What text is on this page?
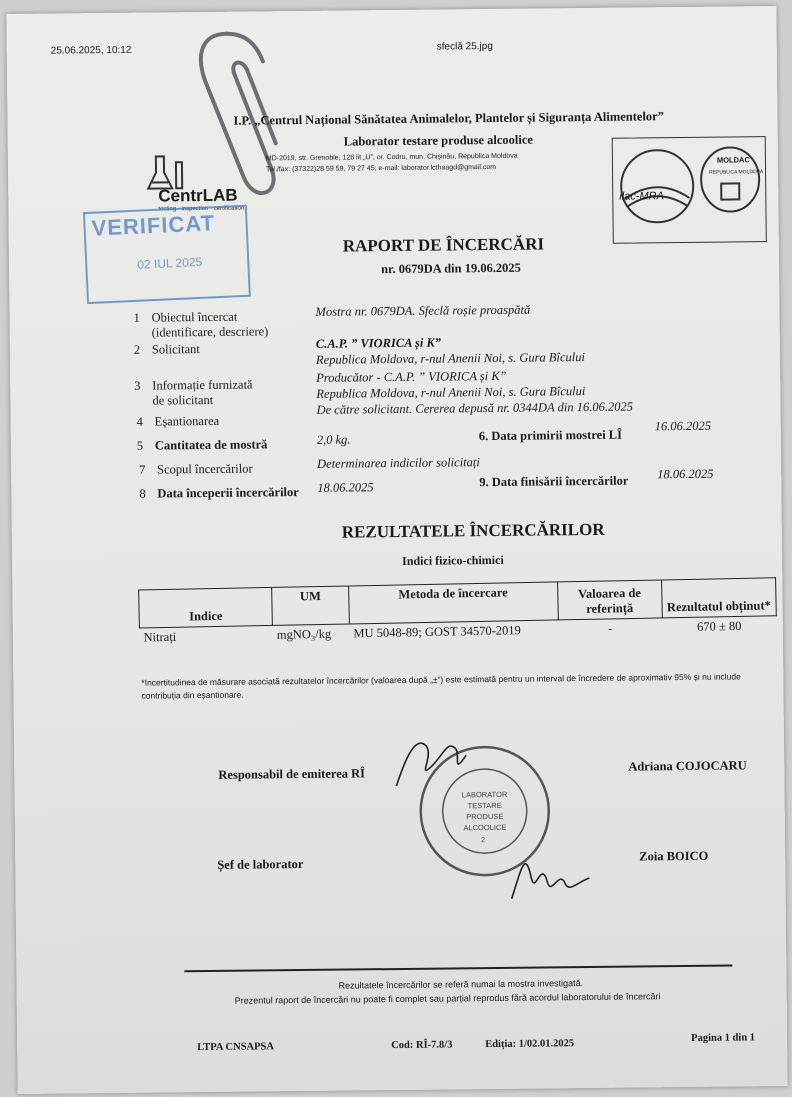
25.06.2025, 10:12	sfeclă 25.jpg
I.P. „Centrul Național Sănătatea Animalelor, Plantelor și Siguranța Alimentelor”
Laborator testare produse alcoolice
MD-2019, str. Grenoble, 128 lit „U”, or. Codru, mun. Chișinău, Republica Moldova
Tel./fax: (37322)28 59 59, 79 27 45; e-mail: laborator.lcthaagd@gmail.com
CentrLAB
testing · inspection · certification
ilac-MRA
MOLDAC
REPUBLICA MOLDOVA
VERIFICAT
02 IUL 2025
RAPORT DE ÎNCERCĂRI
nr. 0679DA din 19.06.2025
1 Obiectul încercat
(identificare, descriere)
Mostra nr. 0679DA. Sfeclă roșie proaspătă
2 Solicitant	C.A.P. ” VIORICA și K”
Republica Moldova, r-nul Anenii Noi, s. Gura Bîcului
3 Informație furnizată
de solicitant
Producător - C.A.P. ” VIORICA și K”
Republica Moldova, r-nul Anenii Noi, s. Gura Bîcului
4 Eșantionarea
De către solicitant. Cererea depusă nr. 0344DA din 16.06.2025
5 Cantitatea de mostră	2,0 kg.	6. Data primirii mostrei LÎ
16.06.2025
7 Scopul încercărilor	Determinarea indicilor solicitați
8 Data începerii încercărilor 18.06.2025	9. Data finisării încercărilor 18.06.2025
REZULTATELE ÎNCERCĂRILOR
Indici fizico-chimici
Indice	UM	Metoda de încercare	Valoarea de referință	Rezultatul obținut*
Nitrați	mgNO₃/kg	MU 5048-89; GOST 34570-2019	-	670 ± 80
*Incertitudinea de măsurare asociată rezultatelor încercărilor (valoarea după „±”) este estimată pentru un interval de încredere de aproximativ 95% și nu include contribuția din eșantionare.
Responsabil de emiterea RÎ
Adriana COJOCARU
Șef de laborator
Zoia BOICO
LABORATOR TESTARE PRODUSE ALCOOLICE
2
Rezultatele încercărilor se referă numai la mostra investigată.
Prezentul raport de încercări nu poate fi complet sau parțial reprodus fără acordul laboratorului de încercări
LTPA CNSAPSA	Cod: RÎ-7.8/3	Ediția: 1/02.01.2025
Pagina 1 din 1
